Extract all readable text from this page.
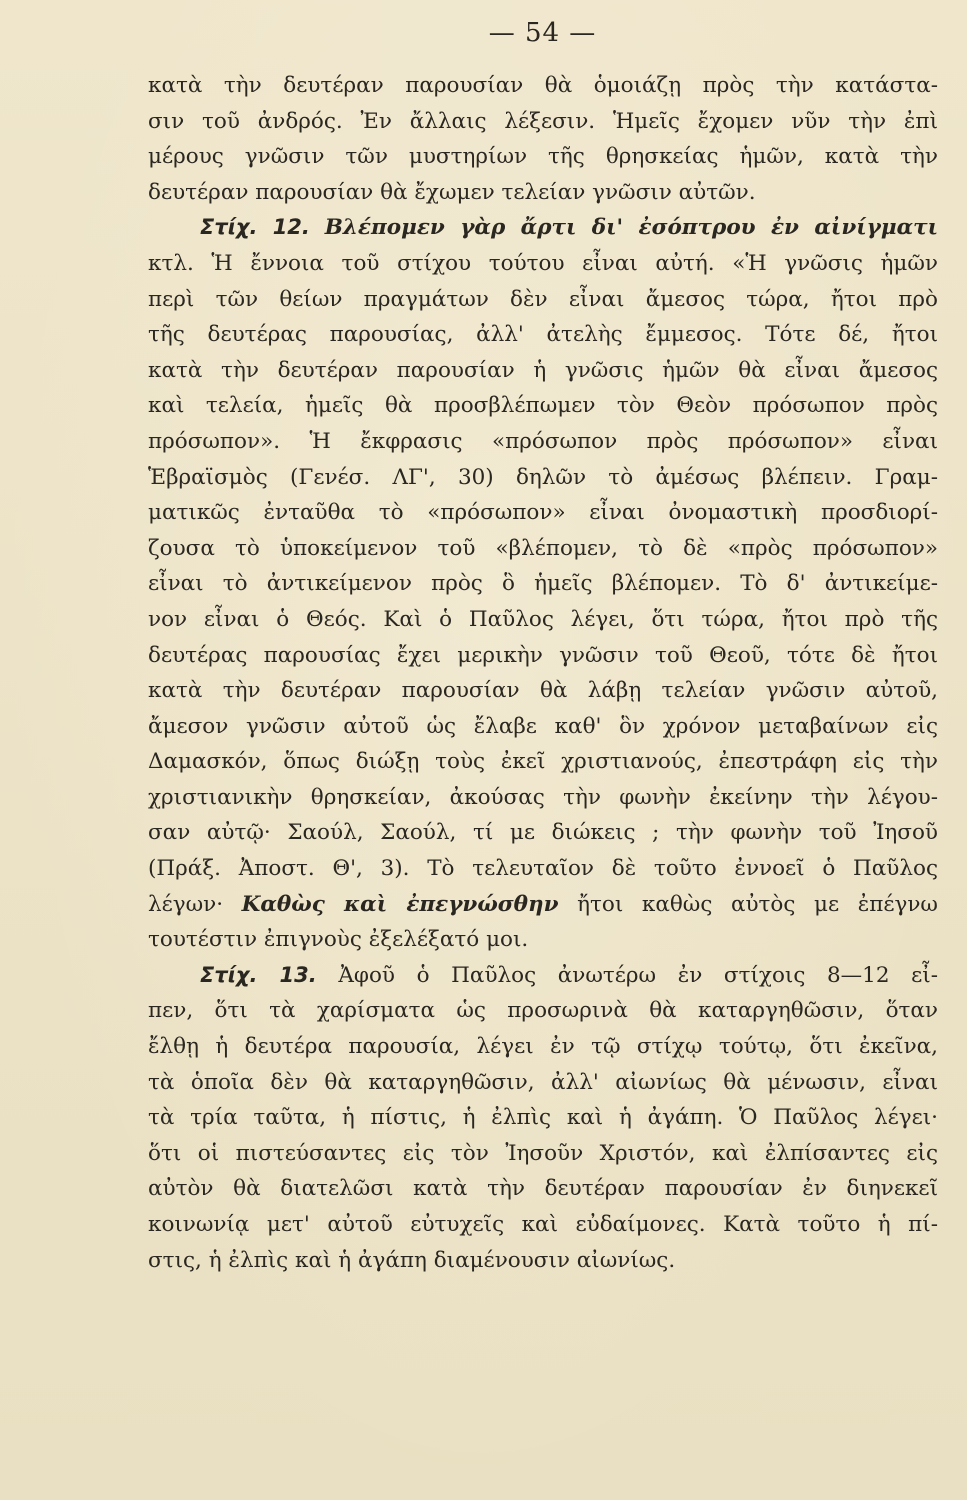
— 54 —
κατὰ τὴν δευτέραν παρουσίαν θὰ ὁμοιάζῃ πρὸς τὴν κατάστα-
σιν τοῦ ἀνδρός. Ἐν ἄλλαις λέξεσιν. Ἡμεῖς ἔχομεν νῦν τὴν ἐπὶ
μέρους γνῶσιν τῶν μυστηρίων τῆς θρησκείας ἡμῶν, κατὰ τὴν
δευτέραν παρουσίαν θὰ ἔχωμεν τελείαν γνῶσιν αὐτῶν.
Στίχ. 12. Βλέπομεν γὰρ ἄρτι δι' ἐσόπτρου ἐν αἰνίγματι
κτλ. Ἡ ἔννοια τοῦ στίχου τούτου εἶναι αὐτή. «Ἡ γνῶσις ἡμῶν
περὶ τῶν θείων πραγμάτων δὲν εἶναι ἄμεσος τώρα, ἤτοι πρὸ
τῆς δευτέρας παρουσίας, ἀλλ' ἀτελὴς ἔμμεσος. Τότε δέ, ἤτοι
κατὰ τὴν δευτέραν παρουσίαν ἡ γνῶσις ἡμῶν θὰ εἶναι ἄμεσος
καὶ τελεία, ἡμεῖς θὰ προσβλέπωμεν τὸν Θεὸν πρόσωπον πρὸς
πρόσωπον». Ἡ ἔκφρασις «πρόσωπον πρὸς πρόσωπον» εἶναι
Ἑβραϊσμὸς (Γενέσ. ΛΓ', 30) δηλῶν τὸ ἀμέσως βλέπειν. Γραμ-
ματικῶς ἐνταῦθα τὸ «πρόσωπον» εἶναι ὀνομαστικὴ προσδιορί-
ζουσα τὸ ὑποκείμενον τοῦ «βλέπομεν, τὸ δὲ «πρὸς πρόσωπον»
εἶναι τὸ ἀντικείμενον πρὸς ὃ ἡμεῖς βλέπομεν. Τὸ δ' ἀντικείμε-
νον εἶναι ὁ Θεός. Καὶ ὁ Παῦλος λέγει, ὅτι τώρα, ἤτοι πρὸ τῆς
δευτέρας παρουσίας ἔχει μερικὴν γνῶσιν τοῦ Θεοῦ, τότε δὲ ἤτοι
κατὰ τὴν δευτέραν παρουσίαν θὰ λάβῃ τελείαν γνῶσιν αὐτοῦ,
ἄμεσον γνῶσιν αὐτοῦ ὡς ἔλαβε καθ' ὃν χρόνον μεταβαίνων εἰς
Δαμασκόν, ὅπως διώξῃ τοὺς ἐκεῖ χριστιανούς, ἐπεστράφη εἰς τὴν
χριστιανικὴν θρησκείαν, ἀκούσας τὴν φωνὴν ἐκείνην τὴν λέγου-
σαν αὐτῷ· Σαούλ, Σαούλ, τί με διώκεις ; τὴν φωνὴν τοῦ Ἰησοῦ
(Πράξ. Ἀποστ. Θ', 3). Τὸ τελευταῖον δὲ τοῦτο ἐννοεῖ ὁ Παῦλος
λέγων· Καθὼς καὶ ἐπεγνώσθην ἤτοι καθὼς αὐτὸς με ἐπέγνω
τουτέστιν ἐπιγνοὺς ἐξελέξατό μοι.
Στίχ. 13. Ἀφοῦ ὁ Παῦλος ἀνωτέρω ἐν στίχοις 8—12 εἶ-
πεν, ὅτι τὰ χαρίσματα ὡς προσωρινὰ θὰ καταργηθῶσιν, ὅταν
ἔλθῃ ἡ δευτέρα παρουσία, λέγει ἐν τῷ στίχῳ τούτῳ, ὅτι ἐκεῖνα,
τὰ ὁποῖα δὲν θὰ καταργηθῶσιν, ἀλλ' αἰωνίως θὰ μένωσιν, εἶναι
τὰ τρία ταῦτα, ἡ πίστις, ἡ ἐλπὶς καὶ ἡ ἀγάπη. Ὁ Παῦλος λέγει·
ὅτι οἱ πιστεύσαντες εἰς τὸν Ἰησοῦν Χριστόν, καὶ ἐλπίσαντες εἰς
αὐτὸν θὰ διατελῶσι κατὰ τὴν δευτέραν παρουσίαν ἐν διηνεκεῖ
κοινωνίᾳ μετ' αὐτοῦ εὐτυχεῖς καὶ εὐδαίμονες. Κατὰ τοῦτο ἡ πί-
στις, ἡ ἐλπὶς καὶ ἡ ἀγάπη διαμένουσιν αἰωνίως.
